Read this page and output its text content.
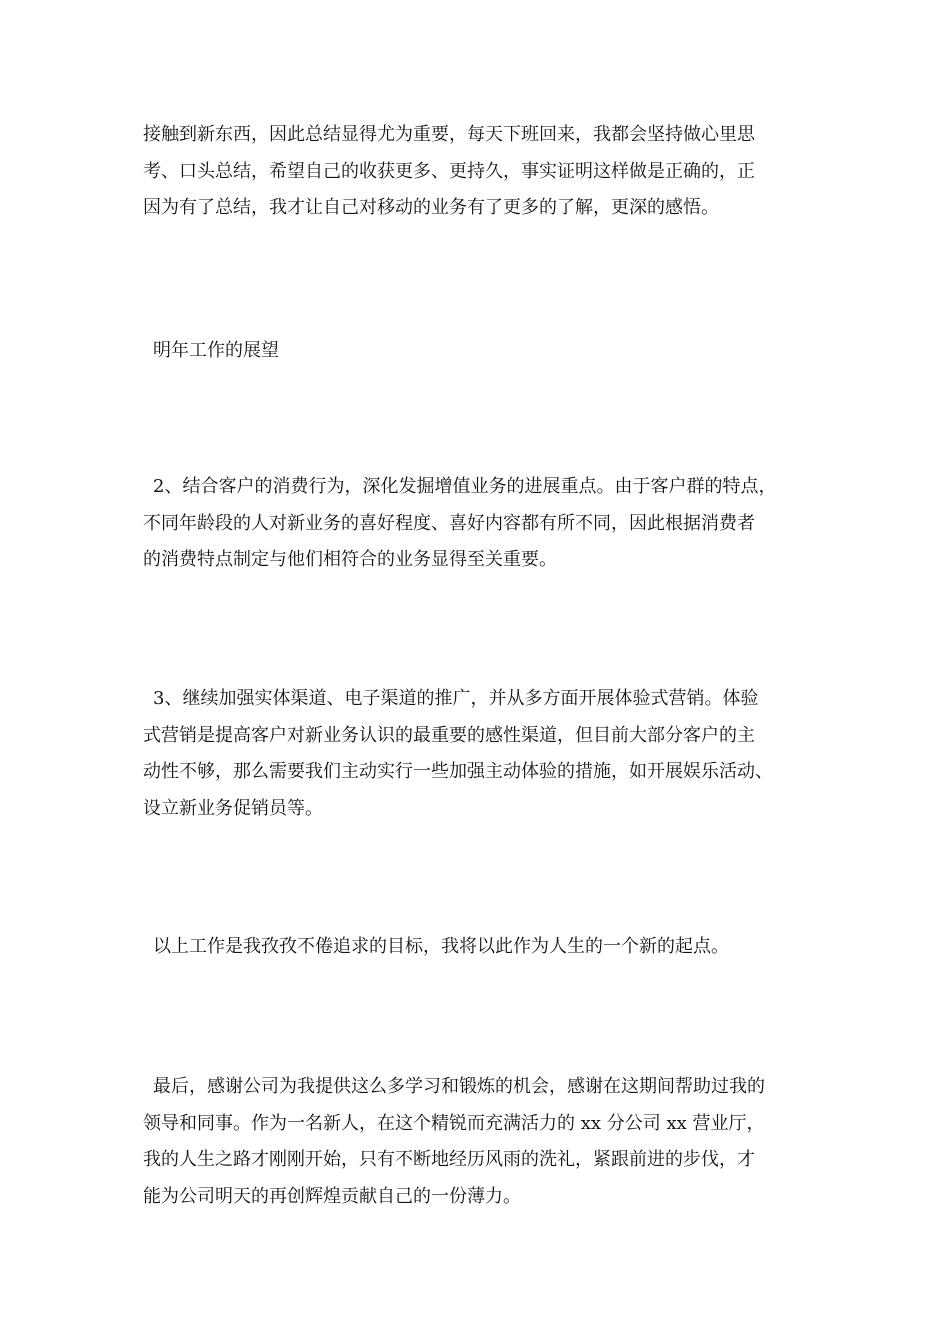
接触到新东西，因此总结显得尤为重要，每天下班回来，我都会坚持做心里思
考、口头总结，希望自己的收获更多、更持久，事实证明这样做是正确的，正
因为有了总结，我才让自己对移动的业务有了更多的了解，更深的感悟。
明年工作的展望
2、结合客户的消费行为，深化发掘增值业务的进展重点。由于客户群的特点，
不同年龄段的人对新业务的喜好程度、喜好内容都有所不同，因此根据消费者
的消费特点制定与他们相符合的业务显得至关重要。
3、继续加强实体渠道、电子渠道的推广，并从多方面开展体验式营销。体验
式营销是提高客户对新业务认识的最重要的感性渠道，但目前大部分客户的主
动性不够，那么需要我们主动实行一些加强主动体验的措施，如开展娱乐活动、
设立新业务促销员等。
以上工作是我孜孜不倦追求的目标，我将以此作为人生的一个新的起点。
最后，感谢公司为我提供这么多学习和锻炼的机会，感谢在这期间帮助过我的
领导和同事。作为一名新人，在这个精锐而充满活力的 xx 分公司 xx 营业厅，
我的人生之路才刚刚开始，只有不断地经历风雨的洗礼，紧跟前进的步伐，才
能为公司明天的再创辉煌贡献自己的一份薄力。
